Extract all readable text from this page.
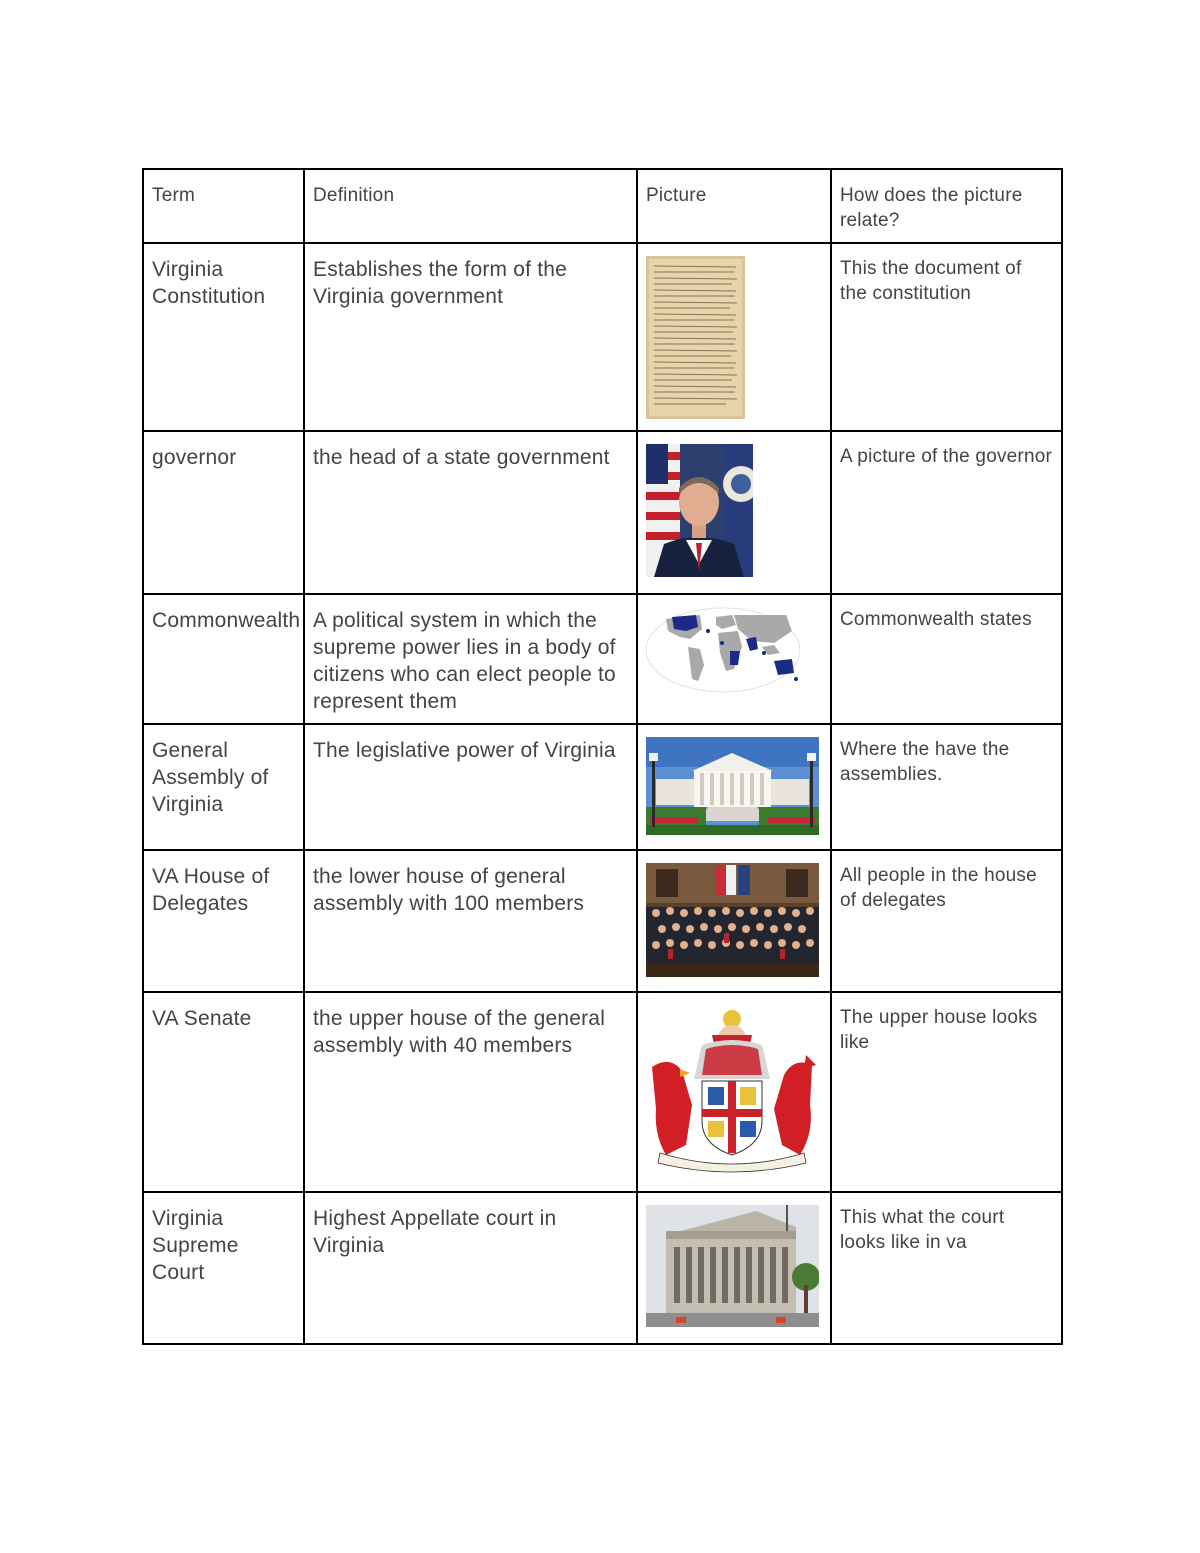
Term	Definition	Picture	How does the picture relate?
Virginia Constitution	Establishes the form of the Virginia government		This the document of the constitution
governor	the head of a state government		A picture of the governor
Commonwealth	A political system in which the supreme power lies in a body of citizens who can elect people to represent them		Commonwealth states
General Assembly of Virginia	The legislative power of Virginia		Where the have the assemblies.
VA House of Delegates	the lower house of general assembly with 100 members		All people in the house of delegates
VA Senate	the upper house of the general assembly with 40 members		The upper house looks like
Virginia Supreme Court	Highest Appellate court in Virginia		This what the court looks like in va
